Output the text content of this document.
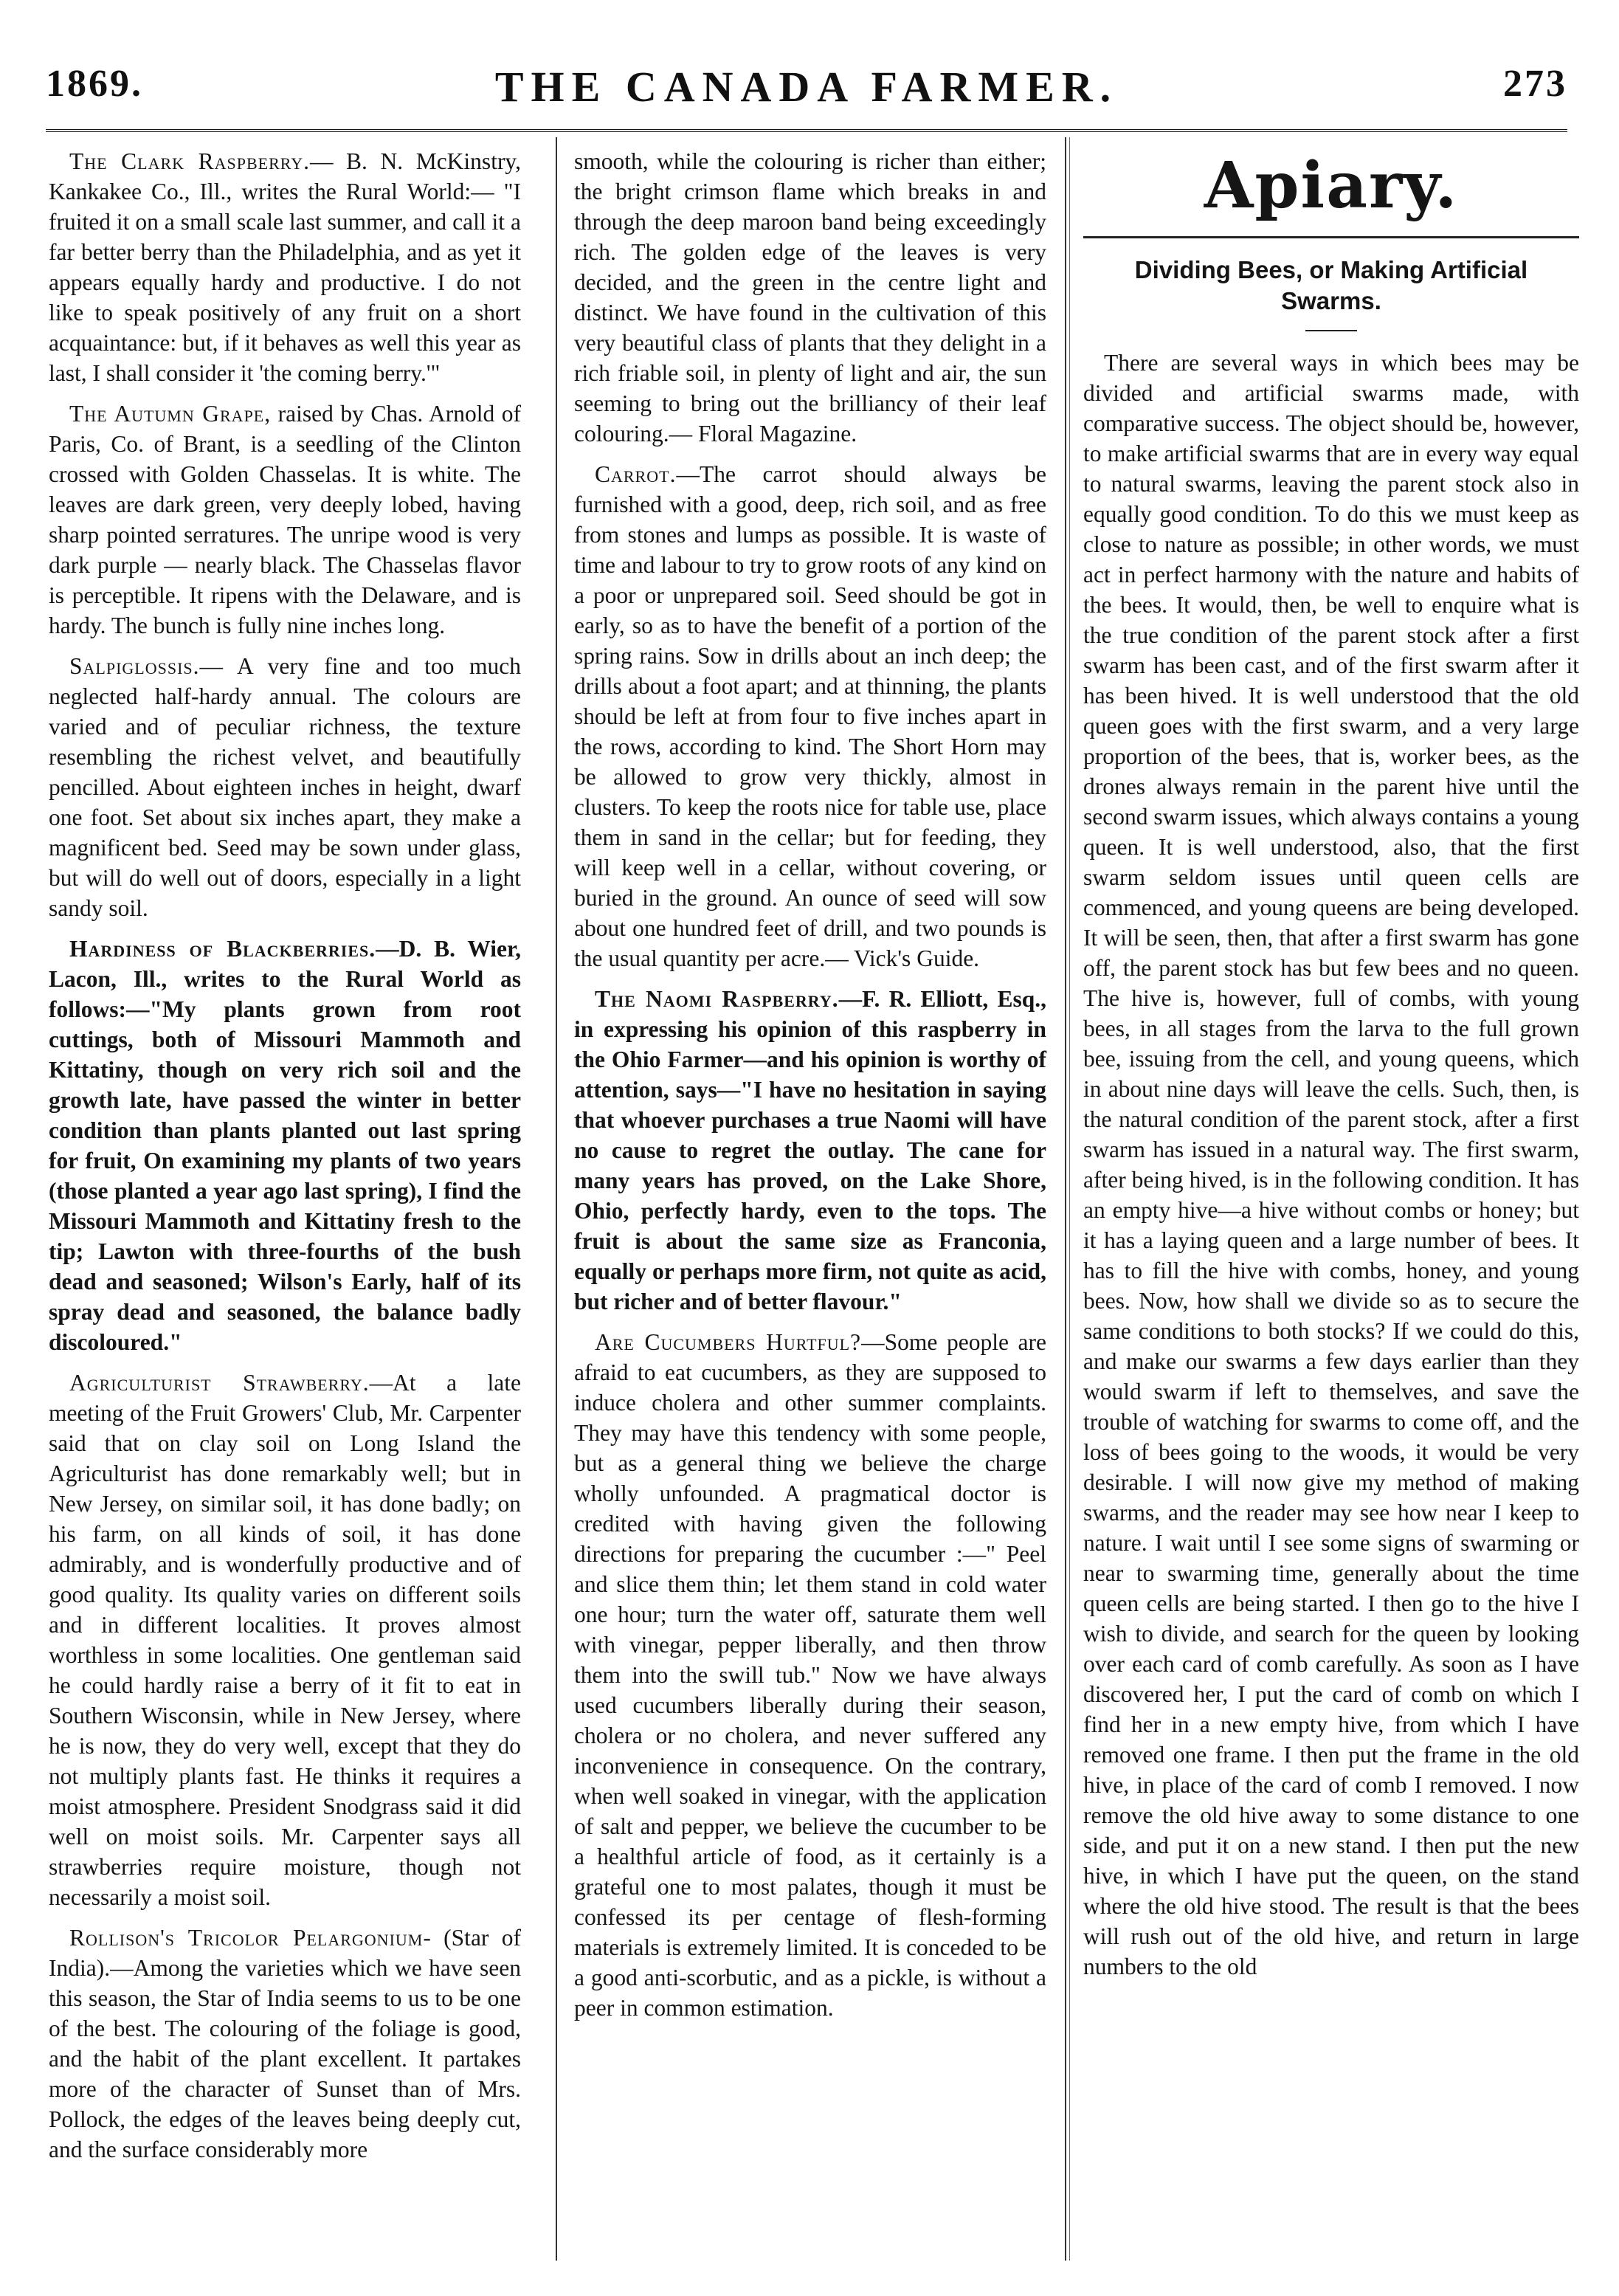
1869.	THE CANADA FARMER.	273

The Clark Raspberry.— B. N. McKinstry, Kankakee Co., Ill., writes the Rural World:— "I fruited it on a small scale last summer, and call it a far better berry than the Philadelphia, and as yet it appears equally hardy and productive. I do not like to speak positively of any fruit on a short acquaintance: but, if it behaves as well this year as last, I shall consider it 'the coming berry.'"

The Autumn Grape, raised by Chas. Arnold of Paris, Co. of Brant, is a seedling of the Clinton crossed with Golden Chasselas. It is white. The leaves are dark green, very deeply lobed, having sharp pointed serratures. The unripe wood is very dark purple — nearly black. The Chasselas flavor is perceptible. It ripens with the Delaware, and is hardy. The bunch is fully nine inches long.

Salpiglossis.— A very fine and too much neglected half-hardy annual. The colours are varied and of peculiar richness, the texture resembling the richest velvet, and beautifully pencilled. About eighteen inches in height, dwarf one foot. Set about six inches apart, they make a magnificent bed. Seed may be sown under glass, but will do well out of doors, especially in a light sandy soil.

Hardiness of Blackberries.—D. B. Wier, Lacon, Ill., writes to the Rural World as follows:—"My plants grown from root cuttings, both of Missouri Mammoth and Kittatiny, though on very rich soil and the growth late, have passed the winter in better condition than plants planted out last spring for fruit, On examining my plants of two years (those planted a year ago last spring), I find the Missouri Mammoth and Kittatiny fresh to the tip; Lawton with three-fourths of the bush dead and seasoned; Wilson's Early, half of its spray dead and seasoned, the balance badly discoloured."

Agriculturist Strawberry.—At a late meeting of the Fruit Growers' Club, Mr. Carpenter said that on clay soil on Long Island the Agriculturist has done remarkably well; but in New Jersey, on similar soil, it has done badly; on his farm, on all kinds of soil, it has done admirably, and is wonderfully productive and of good quality. Its quality varies on different soils and in different localities. It proves almost worthless in some localities. One gentleman said he could hardly raise a berry of it fit to eat in Southern Wisconsin, while in New Jersey, where he is now, they do very well, except that they do not multiply plants fast. He thinks it requires a moist atmosphere. President Snodgrass said it did well on moist soils. Mr. Carpenter says all strawberries require moisture, though not necessarily a moist soil.

Rollison's Tricolor Pelargonium- (Star of India).—Among the varieties which we have seen this season, the Star of India seems to us to be one of the best. The colouring of the foliage is good, and the habit of the plant excellent. It partakes more of the character of Sunset than of Mrs. Pollock, the edges of the leaves being deeply cut, and the surface considerably more

smooth, while the colouring is richer than either; the bright crimson flame which breaks in and through the deep maroon band being exceedingly rich. The golden edge of the leaves is very decided, and the green in the centre light and distinct. We have found in the cultivation of this very beautiful class of plants that they delight in a rich friable soil, in plenty of light and air, the sun seeming to bring out the brilliancy of their leaf colouring.— Floral Magazine.

Carrot.—The carrot should always be furnished with a good, deep, rich soil, and as free from stones and lumps as possible. It is waste of time and labour to try to grow roots of any kind on a poor or unprepared soil. Seed should be got in early, so as to have the benefit of a portion of the spring rains. Sow in drills about an inch deep; the drills about a foot apart; and at thinning, the plants should be left at from four to five inches apart in the rows, according to kind. The Short Horn may be allowed to grow very thickly, almost in clusters. To keep the roots nice for table use, place them in sand in the cellar; but for feeding, they will keep well in a cellar, without covering, or buried in the ground. An ounce of seed will sow about one hundred feet of drill, and two pounds is the usual quantity per acre.— Vick's Guide.

The Naomi Raspberry.—F. R. Elliott, Esq., in expressing his opinion of this raspberry in the Ohio Farmer—and his opinion is worthy of attention, says—"I have no hesitation in saying that whoever purchases a true Naomi will have no cause to regret the outlay. The cane for many years has proved, on the Lake Shore, Ohio, perfectly hardy, even to the tops. The fruit is about the same size as Franconia, equally or perhaps more firm, not quite as acid, but richer and of better flavour."

Are Cucumbers Hurtful?—Some people are afraid to eat cucumbers, as they are supposed to induce cholera and other summer complaints. They may have this tendency with some people, but as a general thing we believe the charge wholly unfounded. A pragmatical doctor is credited with having given the following directions for preparing the cucumber :—" Peel and slice them thin; let them stand in cold water one hour; turn the water off, saturate them well with vinegar, pepper liberally, and then throw them into the swill tub." Now we have always used cucumbers liberally during their season, cholera or no cholera, and never suffered any inconvenience in consequence. On the contrary, when well soaked in vinegar, with the application of salt and pepper, we believe the cucumber to be a healthful article of food, as it certainly is a grateful one to most palates, though it must be confessed its per centage of flesh-forming materials is extremely limited. It is conceded to be a good anti-scorbutic, and as a pickle, is without a peer in common estimation.

Apiary.
Dividing Bees, or Making Artificial Swarms.

There are several ways in which bees may be divided and artificial swarms made, with comparative success. The object should be, however, to make artificial swarms that are in every way equal to natural swarms, leaving the parent stock also in equally good condition. To do this we must keep as close to nature as possible; in other words, we must act in perfect harmony with the nature and habits of the bees. It would, then, be well to enquire what is the true condition of the parent stock after a first swarm has been cast, and of the first swarm after it has been hived. It is well understood that the old queen goes with the first swarm, and a very large proportion of the bees, that is, worker bees, as the drones always remain in the parent hive until the second swarm issues, which always contains a young queen. It is well understood, also, that the first swarm seldom issues until queen cells are commenced, and young queens are being developed. It will be seen, then, that after a first swarm has gone off, the parent stock has but few bees and no queen. The hive is, however, full of combs, with young bees, in all stages from the larva to the full grown bee, issuing from the cell, and young queens, which in about nine days will leave the cells. Such, then, is the natural condition of the parent stock, after a first swarm has issued in a natural way. The first swarm, after being hived, is in the following condition. It has an empty hive—a hive without combs or honey; but it has a laying queen and a large number of bees. It has to fill the hive with combs, honey, and young bees. Now, how shall we divide so as to secure the same conditions to both stocks? If we could do this, and make our swarms a few days earlier than they would swarm if left to themselves, and save the trouble of watching for swarms to come off, and the loss of bees going to the woods, it would be very desirable. I will now give my method of making swarms, and the reader may see how near I keep to nature. I wait until I see some signs of swarming or near to swarming time, generally about the time queen cells are being started. I then go to the hive I wish to divide, and search for the queen by looking over each card of comb carefully. As soon as I have discovered her, I put the card of comb on which I find her in a new empty hive, from which I have removed one frame. I then put the frame in the old hive, in place of the card of comb I removed. I now remove the old hive away to some distance to one side, and put it on a new stand. I then put the new hive, in which I have put the queen, on the stand where the old hive stood. The result is that the bees will rush out of the old hive, and return in large numbers to the old
